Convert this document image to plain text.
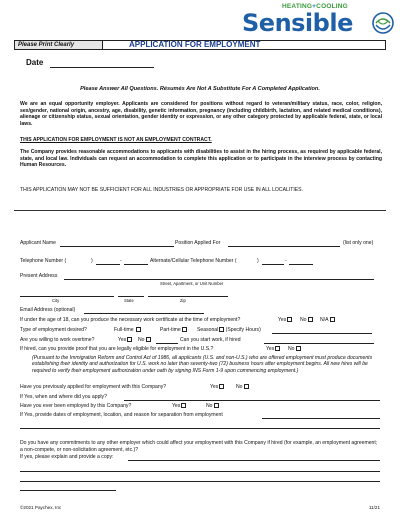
HEATING+COOLING
Sensible
Please Print Clearly	APPLICATION FOR EMPLOYMENT
Date
Please Answer All Questions. Résumés Are Not A Substitute For A Completed Application.
We are an equal opportunity employer. Applicants are considered for positions without regard to veteran/military status, race, color, religion, sex/gender, national origin, ancestry, age, disability, genetic information, pregnancy (including childbirth, lactation, and related medical conditions), alienage or citizenship status, sexual orientation, gender identity or expression, or any other category protected by applicable federal, state, or local laws.
THIS APPLICATION FOR EMPLOYMENT IS NOT AN EMPLOYMENT CONTRACT.
The Company provides reasonable accommodations to applicants with disabilities to assist in the hiring process, as required by applicable federal, state, and local law. Individuals can request an accommodation to complete this application or to participate in the interview process by contacting Human Resources.
THIS APPLICATION MAY NOT BE SUFFICIENT FOR ALL INDUSTRIES OR APPROPRIATE FOR USE IN ALL LOCALITIES.
Applicant Name	Position Applied For	(list only one)
Telephone Number (	)	-	Alternate/Cellular Telephone Number (	)	-
Present Address
Street, Apartment, or Unit Number
City	State	Zip
Email Address (optional)
If under the age of 18, can you produce the necessary work certificate at the time of employment?	Yes	No	N/A
Type of employment desired?	Full-time	Part-time	Seasonal (Specify Hours)
Are you willing to work overtime?	Yes	No	Can you start work, if hired
If hired, can you provide proof that you are legally eligible for employment in the U.S.?	Yes	No
(Pursuant to the Immigration Reform and Control Act of 1986, all applicants (U.S. and non-U.S.) who are offered employment must produce documents establishing their identity and authorization for U.S. work no later than seventy-two (72) business hours after employment begins. All new hires will be required to verify their employment authorization under oath by signing INS Form 1-9 upon commencing employment.)
Have you previously applied for employment with this Company?	Yes	No
If Yes, when and where did you apply?
Have you ever been employed by this Company?	Yes	No
If Yes, provide dates of employment, location, and reason for separation from employment
Do you have any commitments to any other employer which could affect your employment with this Company if hired (for example, an employment agreement; a non-compete, or non-solicitation agreement, etc.)?
If yes, please explain and provide a copy:
©2021 Paychex, Inc	11/21
